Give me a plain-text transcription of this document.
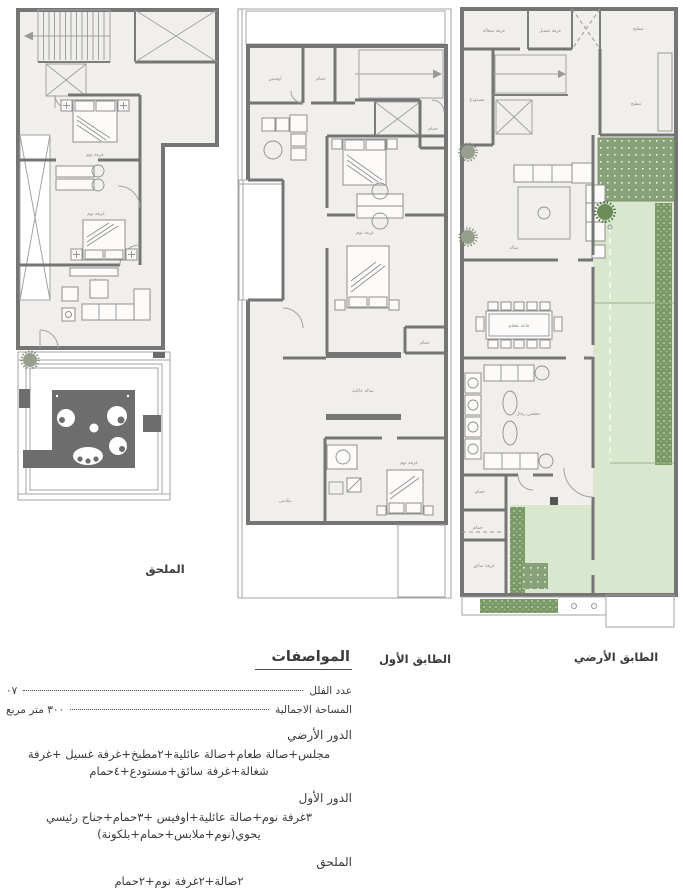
غرفة نوم
غرفة نوم
اوفيس	حمام
حمام
غرفة نوم
حمام
صالة عائلية
غرفة نوم
ملابس
غرفة شغالة	غرفة غسيل	مطبخ
مطبخ
مستودع
صالة
قاعة طعام
مجلس رجال
حمام
حمام
غرفة سائق
الملحق
الطابق الأول	الطابق الأرضي
المواصفات
عدد الفلل
٠٧
المساحة الاجمالية
٣٠٠ متر مربع
الدور الأرضي
مجلس+صالة طعام+صالة عائلية+٢مطبخ+غرفة غسيل +غرفة شغالة+غرفة سائق+مستودع+٤حمام
الدور الأول
٣غرفة نوم+صالة عائلية+اوفيس +٣حمام+جناح رئيسي يحوي(نوم+ملابس+حمام+بلكونة)
الملحق
٢صالة+٢غرفة نوم+٢حمام
